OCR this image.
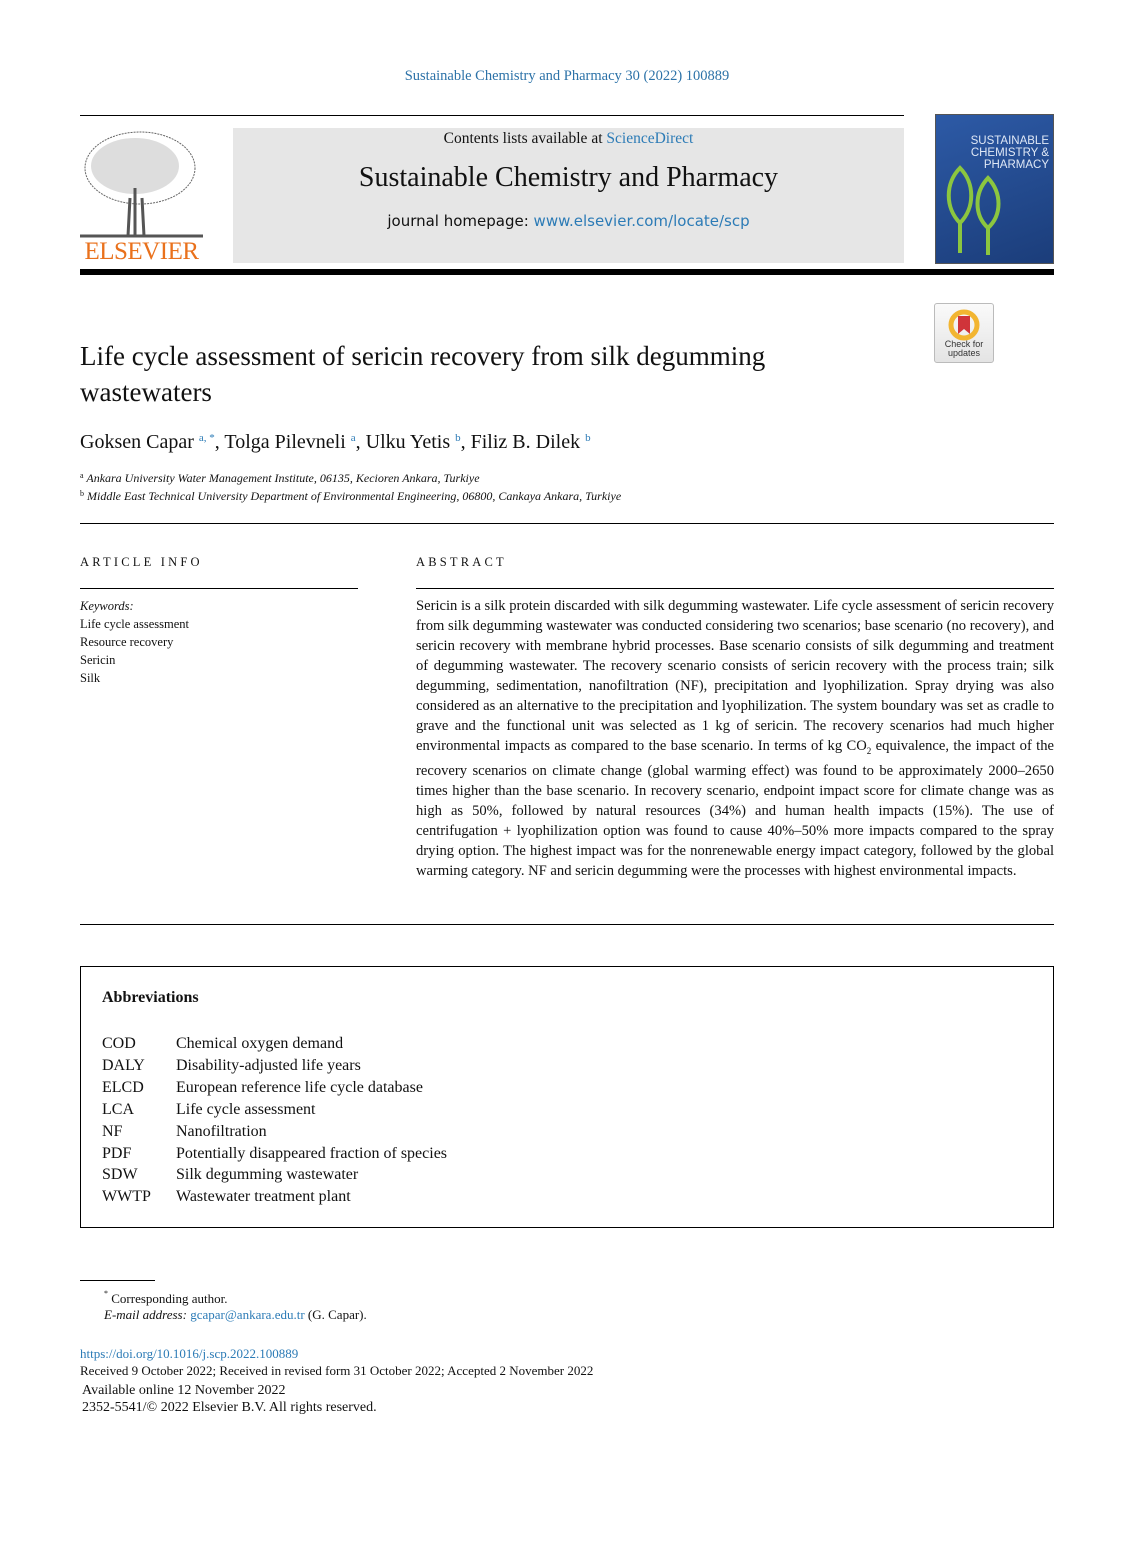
Sustainable Chemistry and Pharmacy 30 (2022) 100889
ELSEVIER
Contents lists available at ScienceDirect
Sustainable Chemistry and Pharmacy
journal homepage: www.elsevier.com/locate/scp
SUSTAINABLE
CHEMISTRY &
PHARMACY
Check for updates
Life cycle assessment of sericin recovery from silk degumming wastewaters
Goksen Capar $^{a, *}$, Tolga Pilevneli $^a$, Ulku Yetis $^b$, Filiz B. Dilek $^b$
$^a$ Ankara University Water Management Institute, 06135, Kecioren Ankara, Turkiye
$^b$ Middle East Technical University Department of Environmental Engineering, 06800, Cankaya Ankara, Turkiye
ARTICLE INFO
Keywords:
Life cycle assessment
Resource recovery
Sericin
Silk
ABSTRACT

Sericin is a silk protein discarded with silk degumming wastewater. Life cycle assessment of sericin recovery from silk degumming wastewater was conducted considering two scenarios; base scenario (no recovery), and sericin recovery with membrane hybrid processes. Base scenario consists of silk degumming and treatment of degumming wastewater. The recovery scenario consists of sericin recovery with the process train; silk degumming, sedimentation, nanofiltration (NF), precipitation and lyophilization. Spray drying was also considered as an alternative to the precipitation and lyophilization. The system boundary was set as cradle to grave and the functional unit was selected as 1 kg of sericin. The recovery scenarios had much higher environmental impacts as compared to the base scenario. In terms of kg $CO_2$ equivalence, the impact of the recovery scenarios on climate change (global warming effect) was found to be approximately 2000–2650 times higher than the base scenario. In recovery scenario, endpoint impact score for climate change was as high as 50%, followed by natural resources (34%) and human health impacts (15%). The use of centrifugation + lyophilization option was found to cause 40%–50% more impacts compared to the spray drying option. The highest impact was for the nonrenewable energy impact category, followed by the global warming category. NF and sericin degumming were the processes with highest environmental impacts.

Abbreviations
COD	Chemical oxygen demand
DALY	Disability-adjusted life years
ELCD	European reference life cycle database
LCA	Life cycle assessment
NF	Nanofiltration
PDF	Potentially disappeared fraction of species
SDW	Silk degumming wastewater
WWTP	Wastewater treatment plant
* Corresponding author.
E-mail address: gcapar@ankara.edu.tr (G. Capar).
https://doi.org/10.1016/j.scp.2022.100889
Received 9 October 2022; Received in revised form 31 October 2022; Accepted 2 November 2022
Available online 12 November 2022
2352-5541/© 2022 Elsevier B.V. All rights reserved.
